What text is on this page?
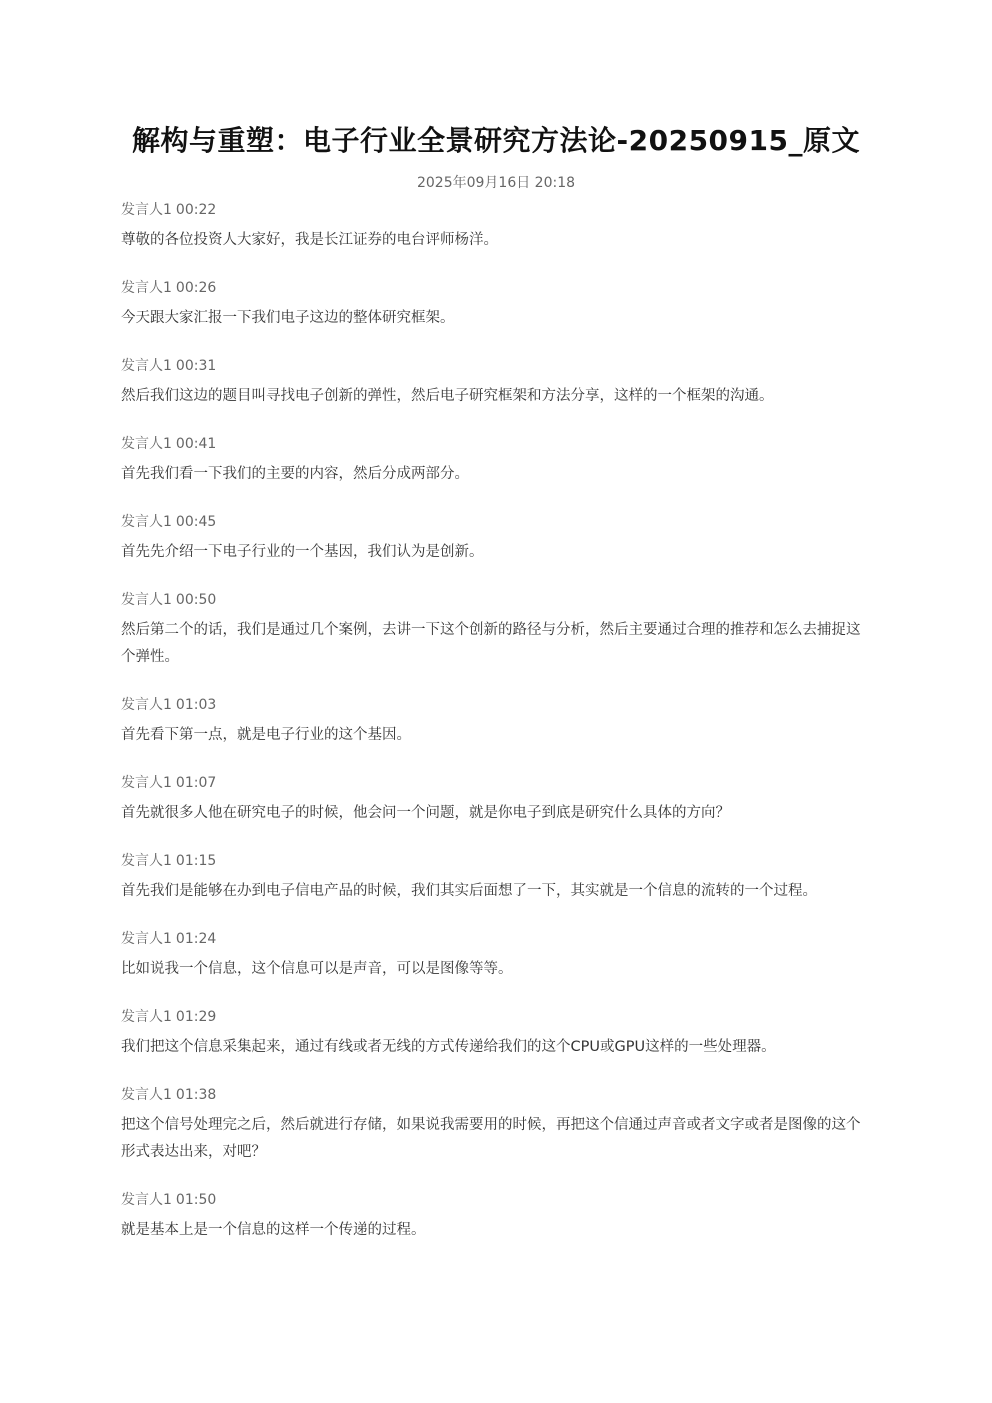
解构与重塑：电子行业全景研究方法论-20250915_原文
2025年09月16日 20:18
发言人1 00:22

尊敬的各位投资人大家好，我是长江证券的电台评师杨洋。

发言人1 00:26

今天跟大家汇报一下我们电子这边的整体研究框架。

发言人1 00:31

然后我们这边的题目叫寻找电子创新的弹性，然后电子研究框架和方法分享，这样的一个框架的沟通。

发言人1 00:41

首先我们看一下我们的主要的内容，然后分成两部分。

发言人1 00:45

首先先介绍一下电子行业的一个基因，我们认为是创新。

发言人1 00:50

然后第二个的话，我们是通过几个案例，去讲一下这个创新的路径与分析，然后主要通过合理的推荐和怎么去捕捉这个弹性。

发言人1 01:03

首先看下第一点，就是电子行业的这个基因。

发言人1 01:07

首先就很多人他在研究电子的时候，他会问一个问题，就是你电子到底是研究什么具体的方向？

发言人1 01:15

首先我们是能够在办到电子信电产品的时候，我们其实后面想了一下，其实就是一个信息的流转的一个过程。

发言人1 01:24

比如说我一个信息，这个信息可以是声音，可以是图像等等。

发言人1 01:29

我们把这个信息采集起来，通过有线或者无线的方式传递给我们的这个CPU或GPU这样的一些处理器。

发言人1 01:38

把这个信号处理完之后，然后就进行存储，如果说我需要用的时候，再把这个信通过声音或者文字或者是图像的这个形式表达出来，对吧？

发言人1 01:50

就是基本上是一个信息的这样一个传递的过程。
